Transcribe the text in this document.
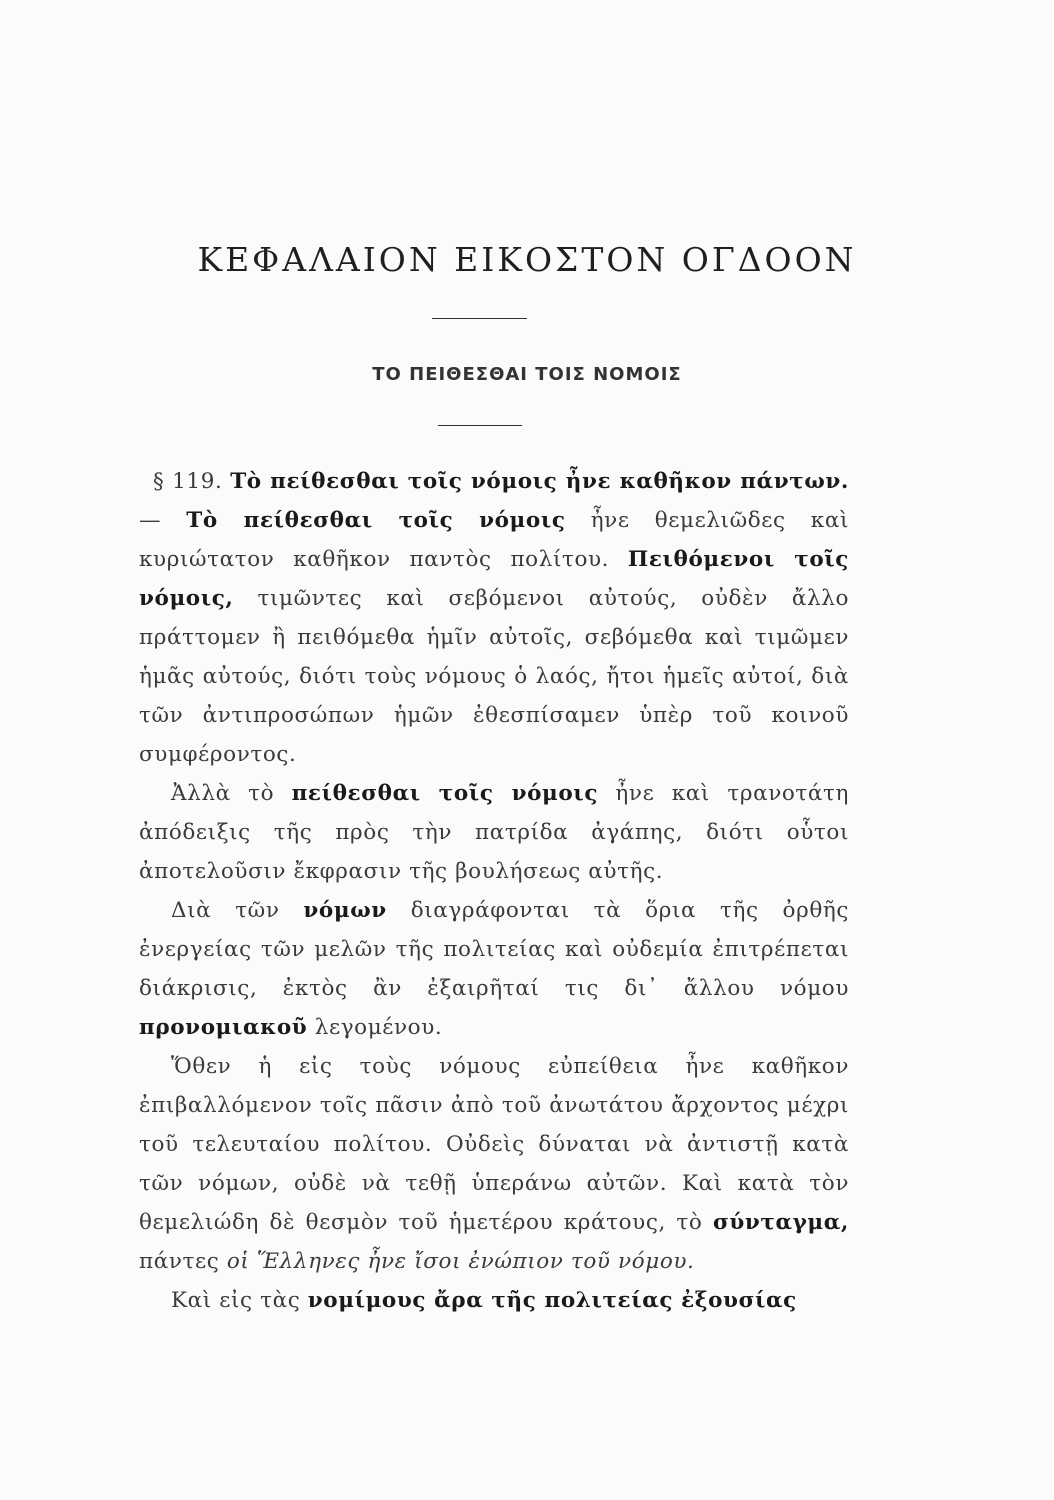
ΚΕΦΑΛΑΙΟΝ ΕΙΚΟΣΤΟΝ ΟΓΔΟΟΝ
ΤΟ ΠΕΙΘΕΣΘΑΙ ΤΟΙΣ ΝΟΜΟΙΣ

§ 119. Τὸ πείθεσθαι τοῖς νόμοις ἦνε καθῆκον πάντων. — Τὸ πείθεσθαι τοῖς νόμοις ἦνε θεμελιῶδες καὶ κυριώτατον καθῆκον παντὸς πολίτου. Πειθόμενοι τοῖς νόμοις, τιμῶντες καὶ σεβόμενοι αὐτούς, οὐδὲν ἄλλο πράττομεν ἢ πειθόμεθα ἡμῖν αὐτοῖς, σεβόμεθα καὶ τιμῶμεν ἡμᾶς αὐτούς, διότι τοὺς νόμους ὁ λαός, ἤτοι ἡμεῖς αὐτοί, διὰ τῶν ἀντιπροσώπων ἡμῶν ἐθεσπίσαμεν ὑπὲρ τοῦ κοινοῦ συμφέροντος.

Ἀλλὰ τὸ πείθεσθαι τοῖς νόμοις ἦνε καὶ τρανοτάτη ἀπόδειξις τῆς πρὸς τὴν πατρίδα ἀγάπης, διότι οὗτοι ἀποτελοῦσιν ἔκφρασιν τῆς βουλήσεως αὐτῆς.

Διὰ τῶν νόμων διαγράφονται τὰ ὅρια τῆς ὀρθῆς ἐνεργείας τῶν μελῶν τῆς πολιτείας καὶ οὐδεμία ἐπιτρέπεται διάκρισις, ἐκτὸς ἂν ἐξαιρῆταί τις δι᾿ ἄλλου νόμου προνομιακοῦ λεγομένου.

Ὅθεν ἡ εἰς τοὺς νόμους εὐπείθεια ἦνε καθῆκον ἐπιβαλλόμενον τοῖς πᾶσιν ἀπὸ τοῦ ἀνωτάτου ἄρχοντος μέχρι τοῦ τελευταίου πολίτου. Οὐδεὶς δύναται νὰ ἀντιστῇ κατὰ τῶν νόμων, οὐδὲ νὰ τεθῇ ὑπεράνω αὐτῶν. Καὶ κατὰ τὸν θεμελιώδη δὲ θεσμὸν τοῦ ἡμετέρου κράτους, τὸ σύνταγμα, πάντες οἱ Ἕλληνες ἦνε ἴσοι ἐνώπιον τοῦ νόμου.

Καὶ εἰς τὰς νομίμους ἄρα τῆς πολιτείας ἐξουσίας
